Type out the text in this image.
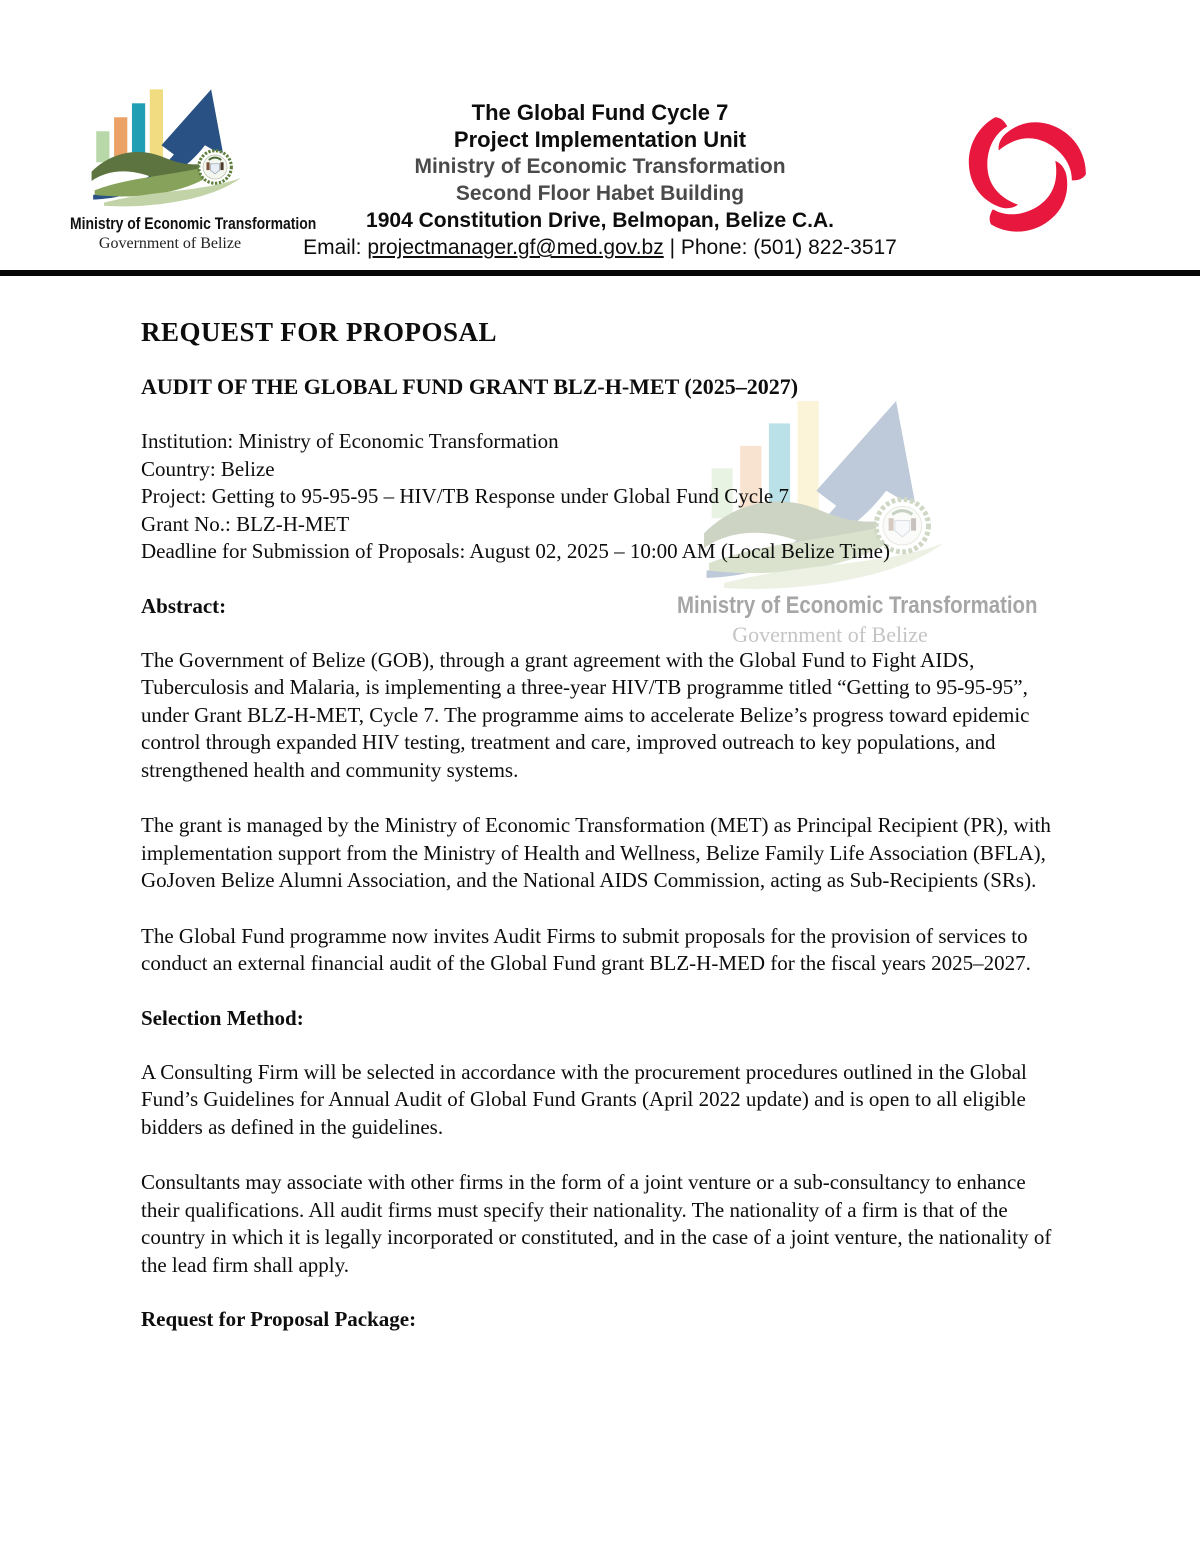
Ministry of Economic Transformation
Government of Belize
The Global Fund Cycle 7
Project Implementation Unit
Ministry of Economic Transformation
Second Floor Habet Building
1904 Constitution Drive, Belmopan, Belize C.A.
Email: projectmanager.gf@med.gov.bz | Phone: (501) 822-3517
Ministry of Economic Transformation
Government of Belize
REQUEST FOR PROPOSAL
AUDIT OF THE GLOBAL FUND GRANT BLZ-H-MET (2025–2027)
Institution: Ministry of Economic Transformation
Country: Belize
Project: Getting to 95-95-95 – HIV/TB Response under Global Fund Cycle 7
Grant No.: BLZ-H-MET
Deadline for Submission of Proposals: August 02, 2025 – 10:00 AM (Local Belize Time)
Abstract:

The Government of Belize (GOB), through a grant agreement with the Global Fund to Fight AIDS, Tuberculosis and Malaria, is implementing a three-year HIV/TB programme titled “Getting to 95-95-95”, under Grant BLZ-H-MET, Cycle 7. The programme aims to accelerate Belize’s progress toward epidemic control through expanded HIV testing, treatment and care, improved outreach to key populations, and strengthened health and community systems.

The grant is managed by the Ministry of Economic Transformation (MET) as Principal Recipient (PR), with implementation support from the Ministry of Health and Wellness, Belize Family Life Association (BFLA), GoJoven Belize Alumni Association, and the National AIDS Commission, acting as Sub-Recipients (SRs).

The Global Fund programme now invites Audit Firms to submit proposals for the provision of services to conduct an external financial audit of the Global Fund grant BLZ-H-MED for the fiscal years 2025–2027.

Selection Method:

A Consulting Firm will be selected in accordance with the procurement procedures outlined in the Global Fund’s Guidelines for Annual Audit of Global Fund Grants (April 2022 update) and is open to all eligible bidders as defined in the guidelines.

Consultants may associate with other firms in the form of a joint venture or a sub-consultancy to enhance their qualifications. All audit firms must specify their nationality. The nationality of a firm is that of the country in which it is legally incorporated or constituted, and in the case of a joint venture, the nationality of the lead firm shall apply.

Request for Proposal Package:
